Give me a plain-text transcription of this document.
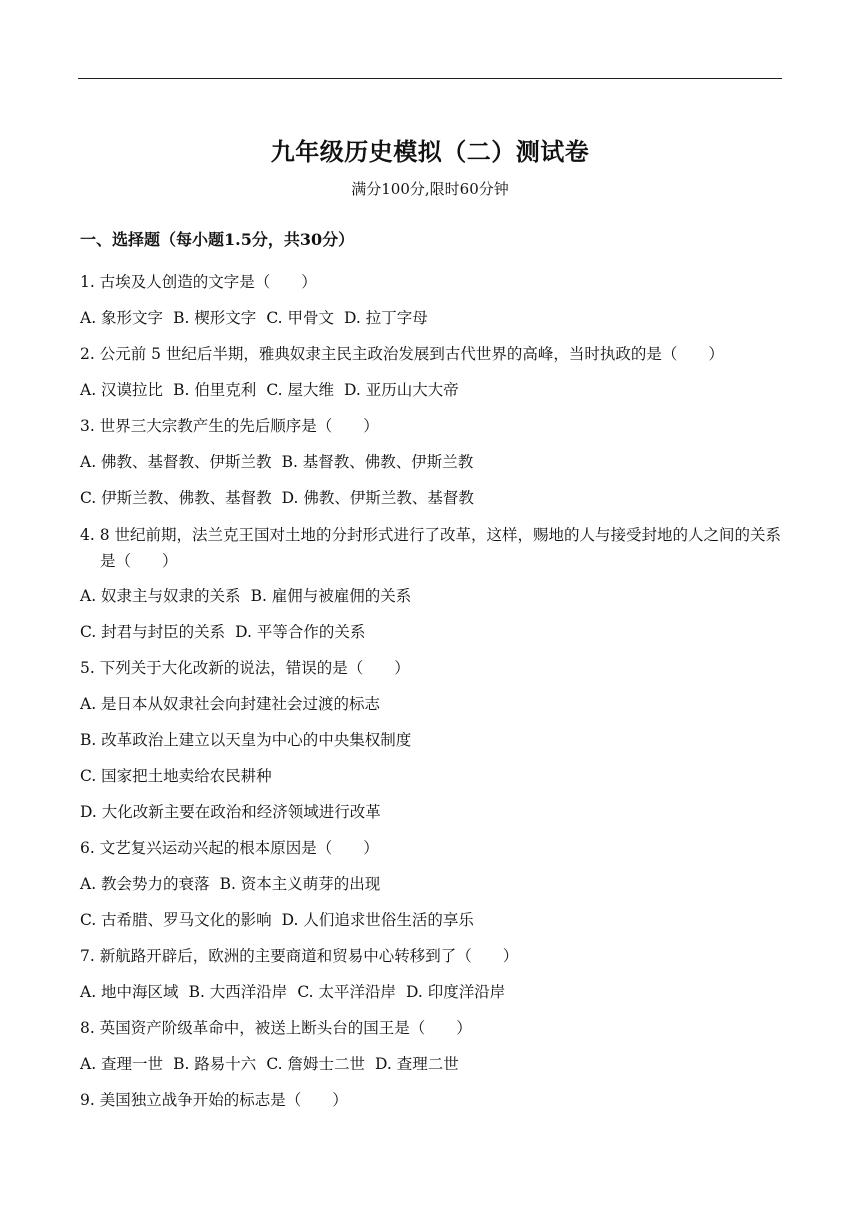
九年级历史模拟（二）测试卷
满分100分,限时60分钟
一、选择题（每小题1.5分，共30分）
1. 古埃及人创造的文字是（　　）
A. 象形文字 B. 楔形文字 C. 甲骨文 D. 拉丁字母
2. 公元前 5 世纪后半期，雅典奴隶主民主政治发展到古代世界的高峰，当时执政的是（　　）
A. 汉谟拉比 B. 伯里克利 C. 屋大维 D. 亚历山大大帝
3. 世界三大宗教产生的先后顺序是（　　）
A. 佛教、基督教、伊斯兰教 B. 基督教、佛教、伊斯兰教
C. 伊斯兰教、佛教、基督教 D. 佛教、伊斯兰教、基督教
4. 8 世纪前期，法兰克王国对土地的分封形式进行了改革，这样，赐地的人与接受封地的人之间的关系是（　　）
A. 奴隶主与奴隶的关系 B. 雇佣与被雇佣的关系
C. 封君与封臣的关系 D. 平等合作的关系
5. 下列关于大化改新的说法，错误的是（　　）
A. 是日本从奴隶社会向封建社会过渡的标志
B. 改革政治上建立以天皇为中心的中央集权制度
C. 国家把土地卖给农民耕种
D. 大化改新主要在政治和经济领域进行改革
6. 文艺复兴运动兴起的根本原因是（　　）
A. 教会势力的衰落 B. 资本主义萌芽的出现
C. 古希腊、罗马文化的影响 D. 人们追求世俗生活的享乐
7. 新航路开辟后，欧洲的主要商道和贸易中心转移到了（　　）
A. 地中海区域 B. 大西洋沿岸 C. 太平洋沿岸 D. 印度洋沿岸
8. 英国资产阶级革命中，被送上断头台的国王是（　　）
A. 查理一世 B. 路易十六 C. 詹姆士二世 D. 查理二世
9. 美国独立战争开始的标志是（　　）
